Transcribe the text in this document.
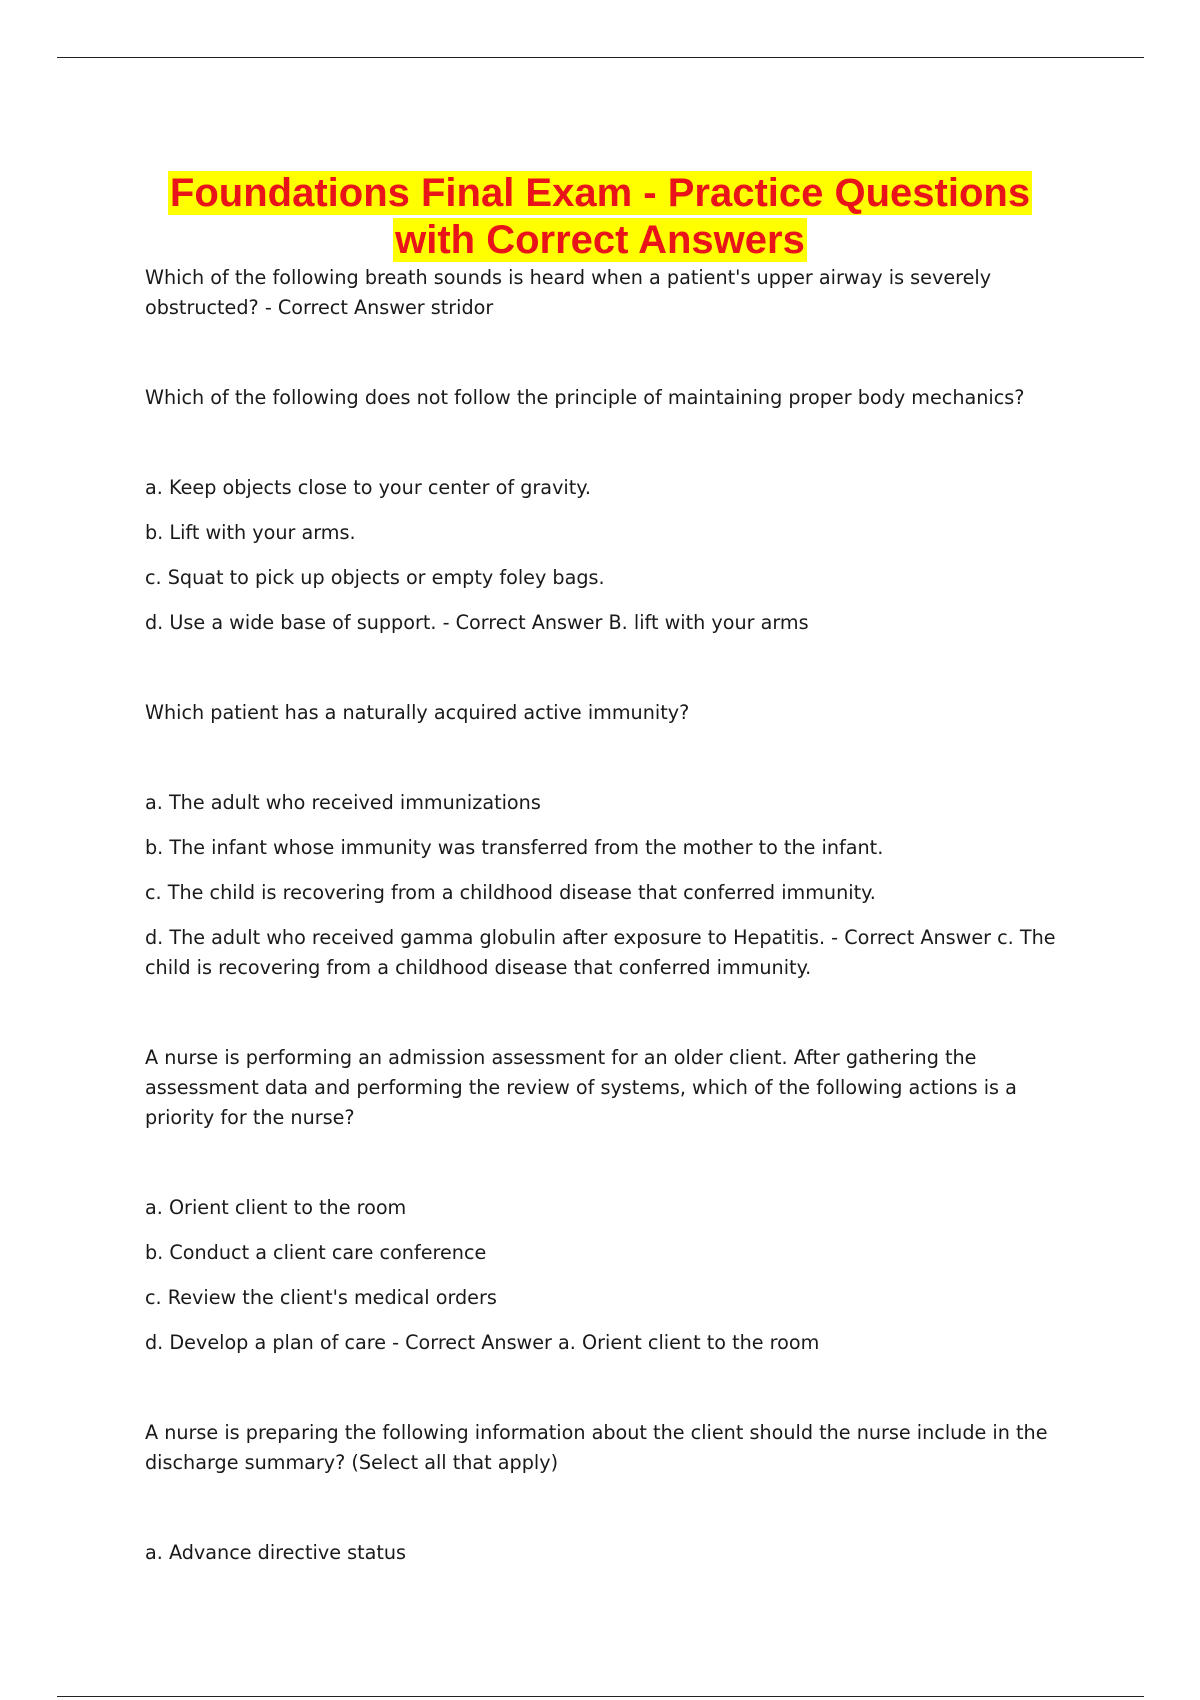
Foundations Final Exam - Practice Questions
with Correct Answers

Which of the following breath sounds is heard when a patient's upper airway is severely obstructed? - Correct Answer stridor

Which of the following does not follow the principle of maintaining proper body mechanics?

a. Keep objects close to your center of gravity.

b. Lift with your arms.

c. Squat to pick up objects or empty foley bags.

d. Use a wide base of support. - Correct Answer B. lift with your arms

Which patient has a naturally acquired active immunity?

a. The adult who received immunizations

b. The infant whose immunity was transferred from the mother to the infant.

c. The child is recovering from a childhood disease that conferred immunity.

d. The adult who received gamma globulin after exposure to Hepatitis. - Correct Answer c. The child is recovering from a childhood disease that conferred immunity.

A nurse is performing an admission assessment for an older client. After gathering the assessment data and performing the review of systems, which of the following actions is a priority for the nurse?

a. Orient client to the room

b. Conduct a client care conference

c. Review the client's medical orders

d. Develop a plan of care - Correct Answer a. Orient client to the room

A nurse is preparing the following information about the client should the nurse include in the discharge summary? (Select all that apply)

a. Advance directive status
